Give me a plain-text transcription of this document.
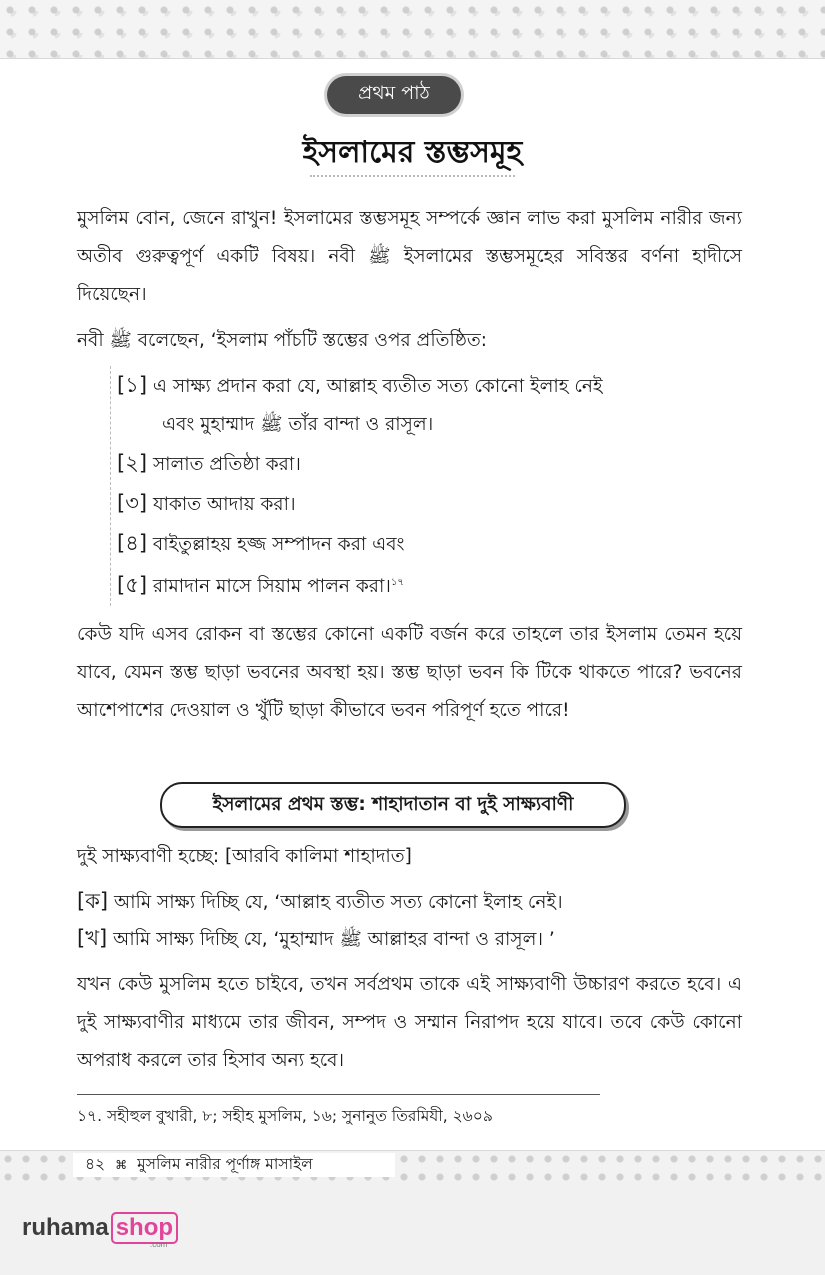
প্রথম পাঠ
ইসলামের স্তম্ভসমূহ
মুসলিম বোন, জেনে রাখুন! ইসলামের স্তম্ভসমূহ সম্পর্কে জ্ঞান লাভ করা মুসলিম নারীর জন্য অতীব গুরুত্বপূর্ণ একটি বিষয়। নবী ﷺ ইসলামের স্তম্ভসমূহের সবিস্তর বর্ণনা হাদীসে দিয়েছেন।
নবী ﷺ বলেছেন, ‘ইসলাম পাঁচটি স্তম্ভের ওপর প্রতিষ্ঠিত:
[১] এ সাক্ষ্য প্রদান করা যে, আল্লাহ ব্যতীত সত্য কোনো ইলাহ নেই
এবং মুহাম্মাদ ﷺ তাঁর বান্দা ও রাসূল।
[২] সালাত প্রতিষ্ঠা করা।
[৩] যাকাত আদায় করা।
[৪] বাইতুল্লাহয় হজ্জ সম্পাদন করা এবং
[৫] রামাদান মাসে সিয়াম পালন করা।$^{১৭}$
কেউ যদি এসব রোকন বা স্তম্ভের কোনো একটি বর্জন করে তাহলে তার ইসলাম তেমন হয়ে যাবে, যেমন স্তম্ভ ছাড়া ভবনের অবস্থা হয়। স্তম্ভ ছাড়া ভবন কি টিকে থাকতে পারে? ভবনের আশেপাশের দেওয়াল ও খুঁটি ছাড়া কীভাবে ভবন পরিপূর্ণ হতে পারে!
ইসলামের প্রথম স্তম্ভ: শাহাদাতান বা দুই সাক্ষ্যবাণী
দুই সাক্ষ্যবাণী হচ্ছে: [আরবি কালিমা শাহাদাত]
[ক] আমি সাক্ষ্য দিচ্ছি যে, ‘আল্লাহ ব্যতীত সত্য কোনো ইলাহ নেই।
[খ] আমি সাক্ষ্য দিচ্ছি যে, ‘মুহাম্মাদ ﷺ আল্লাহর বান্দা ও রাসূল। ’
যখন কেউ মুসলিম হতে চাইবে, তখন সর্বপ্রথম তাকে এই সাক্ষ্যবাণী উচ্চারণ করতে হবে। এ দুই সাক্ষ্যবাণীর মাধ্যমে তার জীবন, সম্পদ ও সম্মান নিরাপদ হয়ে যাবে। তবে কেউ কোনো অপরাধ করলে তার হিসাব অন্য হবে।
১৭. সহীহুল বুখারী, ৮; সহীহ মুসলিম, ১৬; সুনানুত তিরমিযী, ২৬০৯
৪২ ⌘ মুসলিম নারীর পূর্ণাঙ্গ মাসাইল
ruhama shop
.com
